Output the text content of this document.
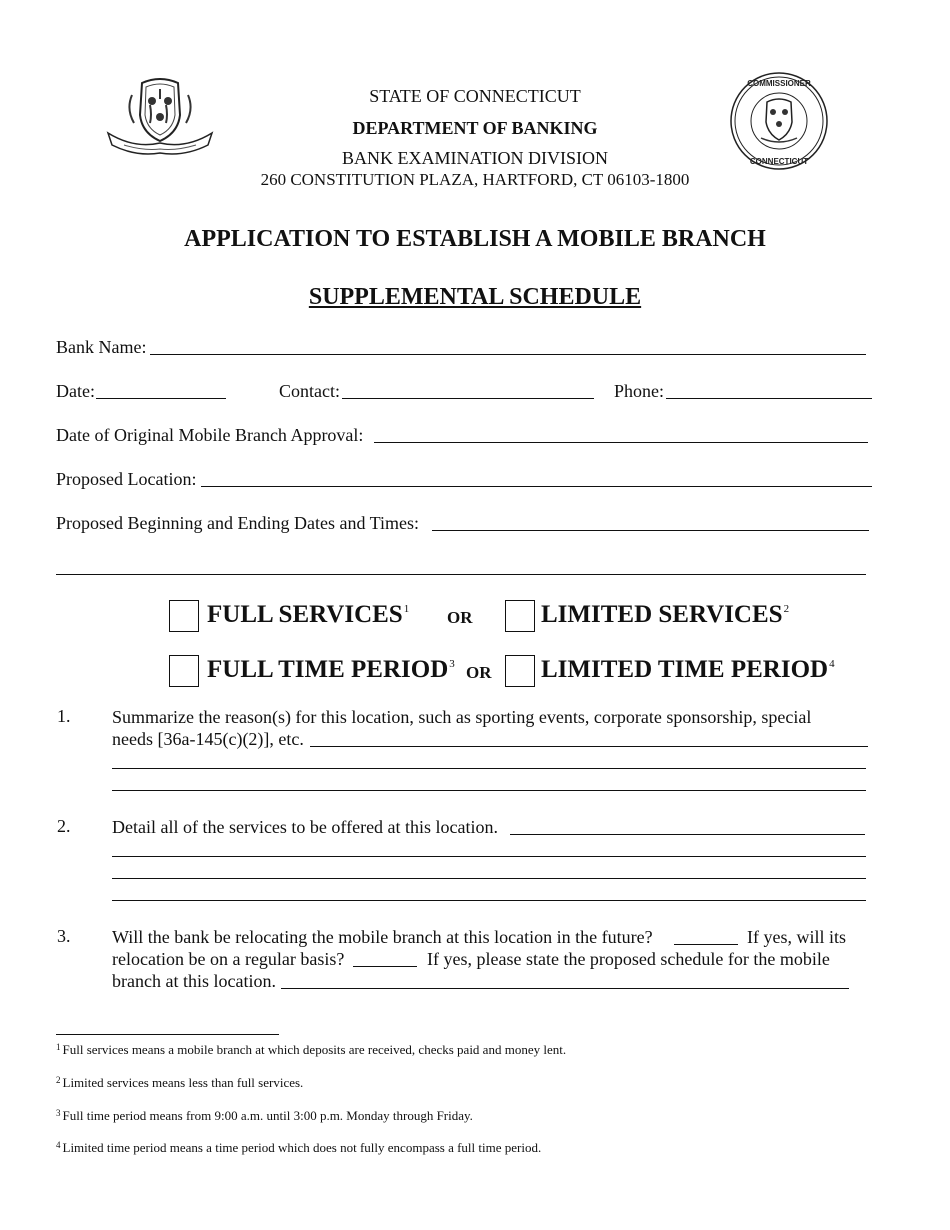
COMMISSIONER
CONNECTICUT
STATE OF CONNECTICUT
DEPARTMENT OF BANKING
BANK EXAMINATION DIVISION
260 CONSTITUTION PLAZA, HARTFORD, CT 06103-1800
APPLICATION TO ESTABLISH A MOBILE BRANCH
SUPPLEMENTAL SCHEDULE
Bank Name:
Date:	Contact:	Phone:
Date of Original Mobile Branch Approval:
Proposed Location:
Proposed Beginning and Ending Dates and Times:
FULL SERVICES$^1$ OR	LIMITED SERVICES$^2$
FULL TIME PERIOD$^3$ OR LIMITED TIME PERIOD$^4$
1. Summarize the reason(s) for this location, such as sporting events, corporate sponsorship, special
needs [36a-145(c)(2)], etc.
2. Detail all of the services to be offered at this location.
3. Will the bank be relocating the mobile branch at this location in the future?	If yes, will its
relocation be on a regular basis?	If yes, please state the proposed schedule for the mobile
branch at this location.
$^1$ Full services means a mobile branch at which deposits are received, checks paid and money lent.
$^2$ Limited services means less than full services.
$^3$ Full time period means from 9:00 a.m. until 3:00 p.m. Monday through Friday.
$^4$ Limited time period means a time period which does not fully encompass a full time period.
